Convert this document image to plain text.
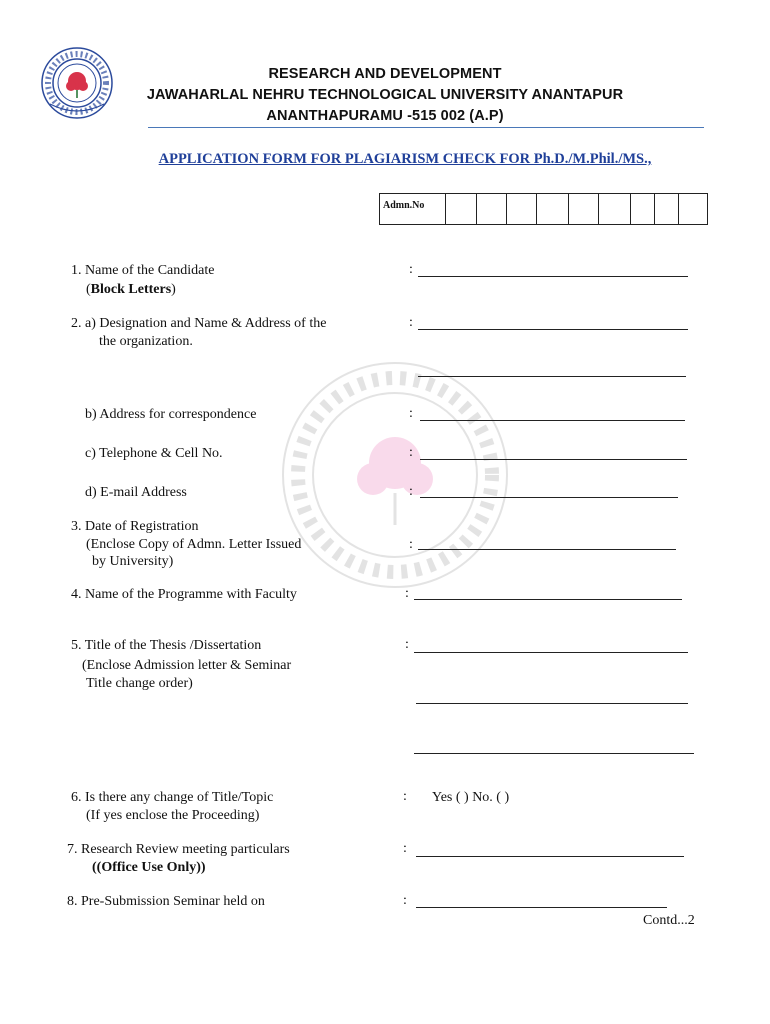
RESEARCH AND DEVELOPMENT
JAWAHARLAL NEHRU TECHNOLOGICAL UNIVERSITY ANANTAPUR
ANANTHAPURAMU -515 002 (A.P)
APPLICATION FORM FOR PLAGIARISM CHECK FOR Ph.D./M.Phil./MS.,
Admn.No
1. Name of the Candidate
(Block Letters)
:
2. a) Designation and Name & Address of the
the organization.
:
b) Address for correspondence	:
c) Telephone & Cell No.	:
d) E-mail Address	:
3. Date of Registration
(Enclose Copy of Admn. Letter Issued
by University)
:
4. Name of the Programme with Faculty	:
5. Title of the Thesis /Dissertation
(Enclose Admission letter & Seminar
Title change order)
:
6. Is there any change of Title/Topic
(If yes enclose the Proceeding)
: Yes ( ) No. ( )
7. Research Review meeting particulars
((Office Use Only))
:
8. Pre-Submission Seminar held on	:
Contd...2
